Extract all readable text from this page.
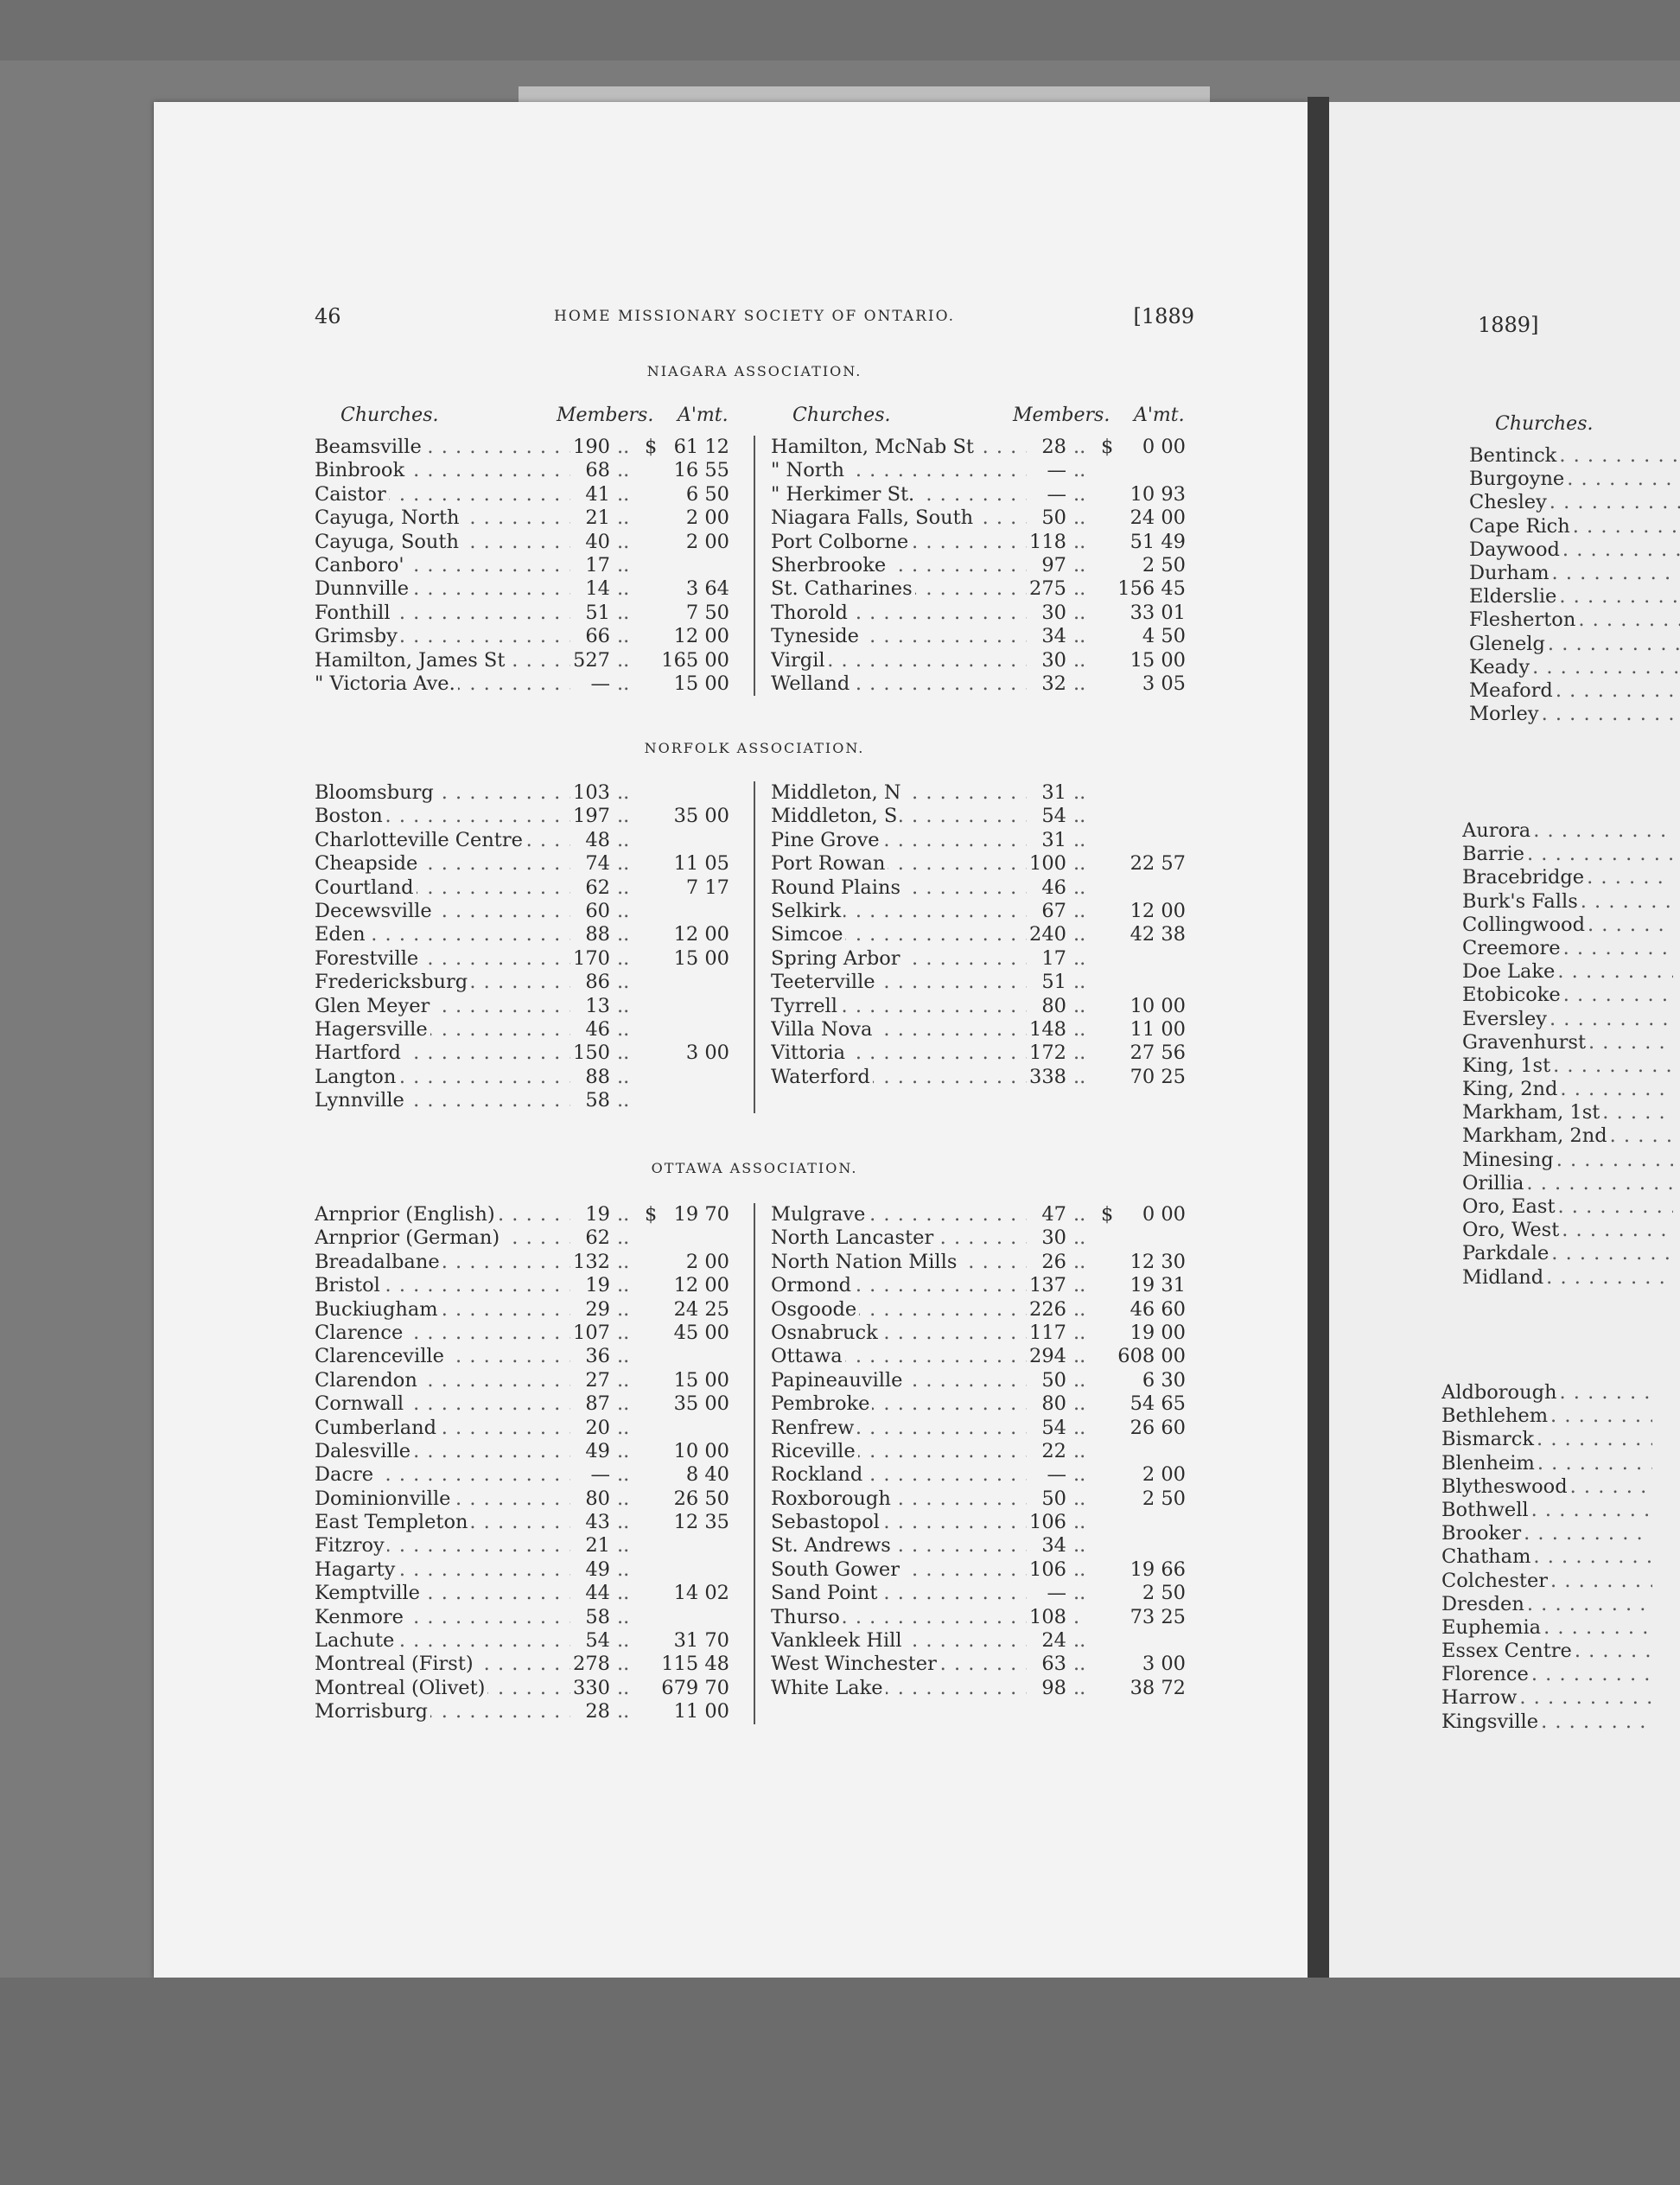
46	HOME MISSIONARY SOCIETY OF ONTARIO.	[1889
NIAGARA ASSOCIATION.
Churches.	Members. A'mt.	Churches.	Members. A'mt.
Beamsville . . .	190 .. $ 61 12
Binbrook . . .	68 ..	16 55
Caistor . . .	41 ..	6 50
Cayuga, North . . .	21 ..	2 00
Cayuga, South . . .	40 ..	2 00
Canboro' . . .	17 ..
Dunnville . . .	14 ..	3 64
Fonthill . . .	51 ..	7 50
Grimsby . . .	66 ..	12 00
Hamilton, James St . . .	527 ..	165 00
" Victoria Ave. . . .	— ..	15 00
Hamilton, McNab St . . .	28 .. $	0 00
" North . . .	— ..
" Herkimer St. . . .	— ..	10 93
Niagara Falls, South . . .	50 ..	24 00
Port Colborne . . .	118 ..	51 49
Sherbrooke . . .	97 ..	2 50
St. Catharines . . .	275 ..	156 45
Thorold . . .	30 ..	33 01
Tyneside . . .	34 ..	4 50
Virgil . . .	30 ..	15 00
Welland . . .	32 ..	3 05
NORFOLK ASSOCIATION.
Bloomsburg . . .	103 ..
Boston . . .	197 ..	35 00
Charlotteville Centre . . .	48 ..
Cheapside . . .	74 ..	11 05
Courtland . . .	62 ..	7 17
Decewsville . . .	60 ..
Eden . . .	88 ..	12 00
Forestville . . .	170 ..	15 00
Fredericksburg . . .	86 ..
Glen Meyer . . .	13 ..
Hagersville . . .	46 ..
Hartford . . .	150 ..	3 00
Langton . . .	88 ..
Lynnville . . .	58 ..
Middleton, N . . .	31 ..
Middleton, S . . .	54 ..
Pine Grove . . .	31 ..
Port Rowan . . .	100 ..	22 57
Round Plains . . .	46 ..
Selkirk . . .	67 ..	12 00
Simcoe . . .	240 ..	42 38
Spring Arbor . . .	17 ..
Teeterville . . .	51 ..
Tyrrell . . .	80 ..	10 00
Villa Nova . . .	148 ..	11 00
Vittoria . . .	172 ..	27 56
Waterford . . .	338 ..	70 25
OTTAWA ASSOCIATION.
Arnprior (English) . . .	19 .. $ 19 70
Arnprior (German) . . .	62 ..
Breadalbane . . .	132 ..	2 00
Bristol . . .	19 ..	12 00
Buckiugham . . .	29 ..	24 25
Clarence . . .	107 ..	45 00
Clarenceville . . .	36 ..
Clarendon . . .	27 ..	15 00
Cornwall . . .	87 ..	35 00
Cumberland . . .	20 ..
Dalesville . . .	49 ..	10 00
Dacre . . .	— ..	8 40
Dominionville . . .	80 ..	26 50
East Templeton . . .	43 ..	12 35
Fitzroy . . .	21 ..
Hagarty . . .	49 ..
Kemptville . . .	44 ..	14 02
Kenmore . . .	58 ..
Lachute . . .	54 ..	31 70
Montreal (First) . . .	278 ..	115 48
Montreal (Olivet) . . .	330 ..	679 70
Morrisburg . . .	28 ..	11 00
Mulgrave . . .	47 .. $	0 00
North Lancaster . . .	30 ..
North Nation Mills . . .	26 ..	12 30
Ormond . . .	137 ..	19 31
Osgoode . . .	226 ..	46 60
Osnabruck . . .	117 ..	19 00
Ottawa . . .	294 ..	608 00
Papineauville . . .	50 ..	6 30
Pembroke . . .	80 ..	54 65
Renfrew . . .	54 ..	26 60
Riceville . . .	22 ..
Rockland . . .	— ..	2 00
Roxborough . . .	50 ..	2 50
Sebastopol . . .	106 ..
St. Andrews . . .	34 ..
South Gower . . .	106 ..	19 66
Sand Point . . .	— ..	2 50
Thurso . . .	108 .	73 25
Vankleek Hill . . .	24 ..
West Winchester . . .	63 ..	3 00
White Lake . . .	98 ..	38 72
1889]
Churches.
Bentinck . . .
Burgoyne . . .
Chesley . . .
Cape Rich . . .
Daywood . . .
Durham . . .
Elderslie . . .
Flesherton . . .
Glenelg . . .
Keady . . .
Meaford . . .
Morley . . .
Aurora . . .
Barrie . . .
Bracebridge . . .
Burk's Falls . . .
Collingwood . . .
Creemore . . .
Doe Lake . . .
Etobicoke . . .
Eversley . . .
Gravenhurst . . .
King, 1st . . .
King, 2nd . . .
Markham, 1st . . .
Markham, 2nd . . .
Minesing . . .
Orillia . . .
Oro, East . . .
Oro, West . . .
Parkdale . . .
Midland . . .
Aldborough . . .
Bethlehem . . .
Bismarck . . .
Blenheim . . .
Blytheswood . . .
Bothwell . . .
Brooker . . .
Chatham . . .
Colchester . . .
Dresden . . .
Euphemia . . .
Essex Centre . . .
Florence . . .
Harrow . . .
Kingsville . . .
